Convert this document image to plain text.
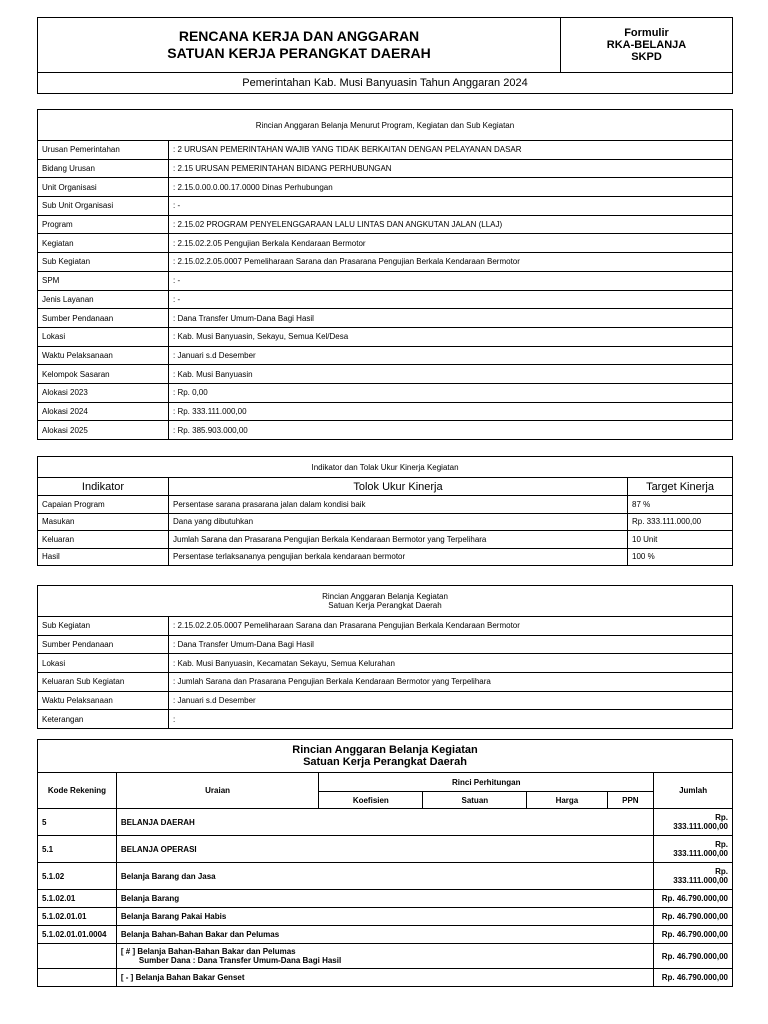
RENCANA KERJA DAN ANGGARAN
SATUAN KERJA PERANGKAT DAERAH

Formulir
RKA-BELANJA
SKPD

Pemerintahan Kab. Musi Banyuasin Tahun Anggaran 2024
Rincian Anggaran Belanja Menurut Program, Kegiatan dan Sub Kegiatan	
Urusan Pemerintahan	: 2 URUSAN PEMERINTAHAN WAJIB YANG TIDAK BERKAITAN DENGAN PELAYANAN DASAR
Bidang Urusan	: 2.15 URUSAN PEMERINTAHAN BIDANG PERHUBUNGAN
Unit Organisasi	: 2.15.0.00.0.00.17.0000 Dinas Perhubungan
Sub Unit Organisasi	: -
Program	: 2.15.02 PROGRAM PENYELENGGARAAN LALU LINTAS DAN ANGKUTAN JALAN (LLAJ)
Kegiatan	: 2.15.02.2.05 Pengujian Berkala Kendaraan Bermotor
Sub Kegiatan	: 2.15.02.2.05.0007 Pemeliharaan Sarana dan Prasarana Pengujian Berkala Kendaraan Bermotor
SPM	: -
Jenis Layanan	: -
Sumber Pendanaan	: Dana Transfer Umum-Dana Bagi Hasil
Lokasi	: Kab. Musi Banyuasin, Sekayu, Semua Kel/Desa
Waktu Pelaksanaan	: Januari s.d Desember
Kelompok Sasaran	: Kab. Musi Banyuasin
Alokasi 2023	: Rp. 0,00
Alokasi 2024	: Rp. 333.111.000,00
Alokasi 2025	: Rp. 385.903.000,00
Indikator dan Tolak Ukur Kinerja Kegiatan		
Indikator	Tolok Ukur Kinerja	Target Kinerja
Capaian Program	Persentase sarana prasarana jalan dalam kondisi baik	87 %
Masukan	Dana yang dibutuhkan	Rp. 333.111.000,00
Keluaran	Jumlah Sarana dan Prasarana Pengujian Berkala Kendaraan Bermotor yang Terpelihara	10 Unit
Hasil	Persentase terlaksananya pengujian berkala kendaraan bermotor	100 %
Rincian Anggaran Belanja Kegiatan
Satuan Kerja Perangkat Daerah	

Sub Kegiatan	: 2.15.02.2.05.0007 Pemeliharaan Sarana dan Prasarana Pengujian Berkala Kendaraan Bermotor
Sumber Pendanaan	: Dana Transfer Umum-Dana Bagi Hasil
Lokasi	: Kab. Musi Banyuasin, Kecamatan Sekayu, Semua Kelurahan
Keluaran Sub Kegiatan	: Jumlah Sarana dan Prasarana Pengujian Berkala Kendaraan Bermotor yang Terpelihara
Waktu Pelaksanaan	: Januari s.d Desember
Keterangan	:
Rincian Anggaran Belanja Kegiatan
Satuan Kerja Perangkat Daerah						

Kode Rekening	Uraian	Rinci Perhitungan				Jumlah
		Koefisien	Satuan	Harga	PPN	
5	BELANJA DAERAH					Rp.
333.111.000,00

5.1	BELANJA OPERASI					Rp.
333.111.000,00

5.1.02	Belanja Barang dan Jasa					Rp.
333.111.000,00

5.1.02.01	Belanja Barang					Rp. 46.790.000,00

5.1.02.01.01	Belanja Barang Pakai Habis					Rp. 46.790.000,00

5.1.02.01.01.0004	Belanja Bahan-Bahan Bakar dan Pelumas					Rp. 46.790.000,00

	[ # ] Belanja Bahan-Bahan Bakar dan Pelumas
Sumber Dana : Dana Transfer Umum-Dana Bagi Hasil					Rp. 46.790.000,00

	[ - ] Belanja Bahan Bakar Genset					Rp. 46.790.000,00
